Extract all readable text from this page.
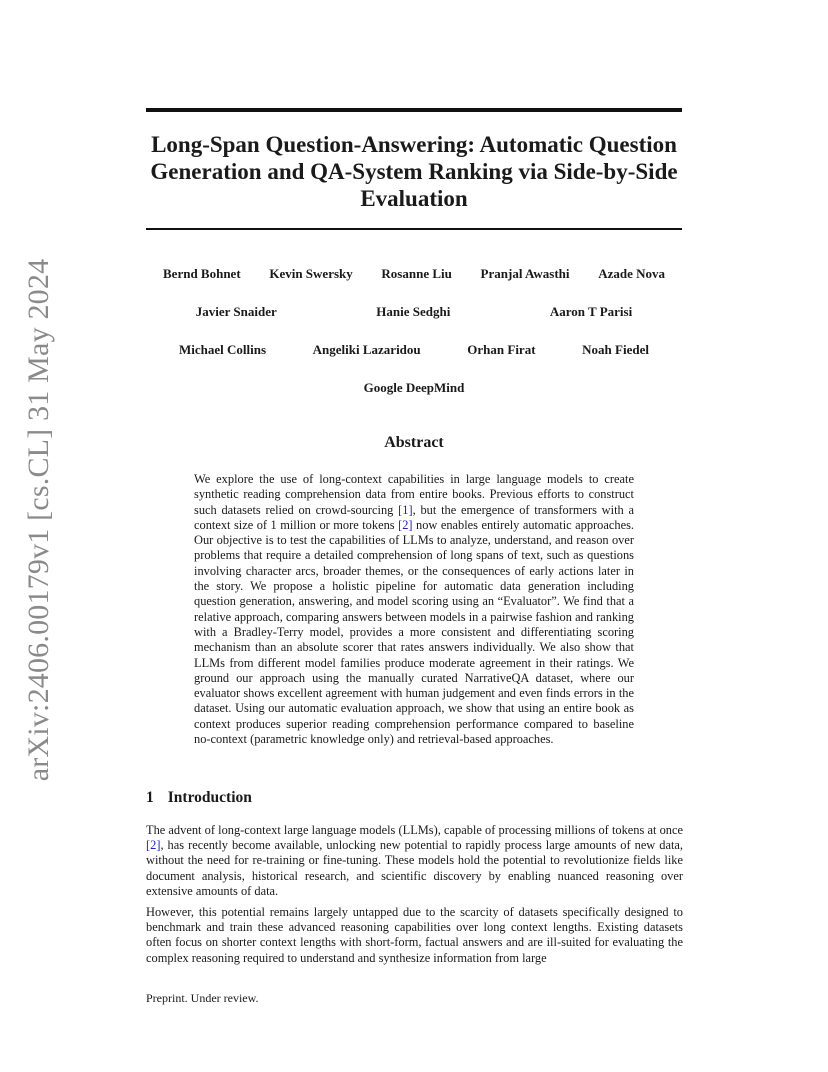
arXiv:2406.00179v1 [cs.CL] 31 May 2024
Long-Span Question-Answering: Automatic Question Generation and QA-System Ranking via Side-by-Side Evaluation
Bernd Bohnet Kevin Swersky Rosanne Liu Pranjal Awasthi Azade Nova
Javier Snaider	Hanie Sedghi	Aaron T Parisi
Michael Collins	Angeliki Lazaridou	Orhan Firat	Noah Fiedel
Google DeepMind
Abstract
We explore the use of long-context capabilities in large language models to create synthetic reading comprehension data from entire books. Previous efforts to construct such datasets relied on crowd-sourcing [1], but the emergence of transformers with a context size of 1 million or more tokens [2] now enables entirely automatic approaches. Our objective is to test the capabilities of LLMs to analyze, understand, and reason over problems that require a detailed comprehension of long spans of text, such as questions involving character arcs, broader themes, or the consequences of early actions later in the story. We propose a holistic pipeline for automatic data generation including question generation, answering, and model scoring using an “Evaluator”. We find that a relative approach, comparing answers between models in a pairwise fashion and ranking with a Bradley-Terry model, provides a more consistent and differentiating scoring mechanism than an absolute scorer that rates answers individually. We also show that LLMs from different model families produce moderate agreement in their ratings. We ground our approach using the manually curated NarrativeQA dataset, where our evaluator shows excellent agreement with human judgement and even finds errors in the dataset. Using our automatic evaluation approach, we show that using an entire book as context produces superior reading comprehension performance compared to baseline no-context (parametric knowledge only) and retrieval-based approaches.
1 Introduction
The advent of long-context large language models (LLMs), capable of processing millions of tokens at once [2], has recently become available, unlocking new potential to rapidly process large amounts of new data, without the need for re-training or fine-tuning. These models hold the potential to revolutionize fields like document analysis, historical research, and scientific discovery by enabling nuanced reasoning over extensive amounts of data.
However, this potential remains largely untapped due to the scarcity of datasets specifically designed to benchmark and train these advanced reasoning capabilities over long context lengths. Existing datasets often focus on shorter context lengths with short-form, factual answers and are ill-suited for evaluating the complex reasoning required to understand and synthesize information from large
Preprint. Under review.
